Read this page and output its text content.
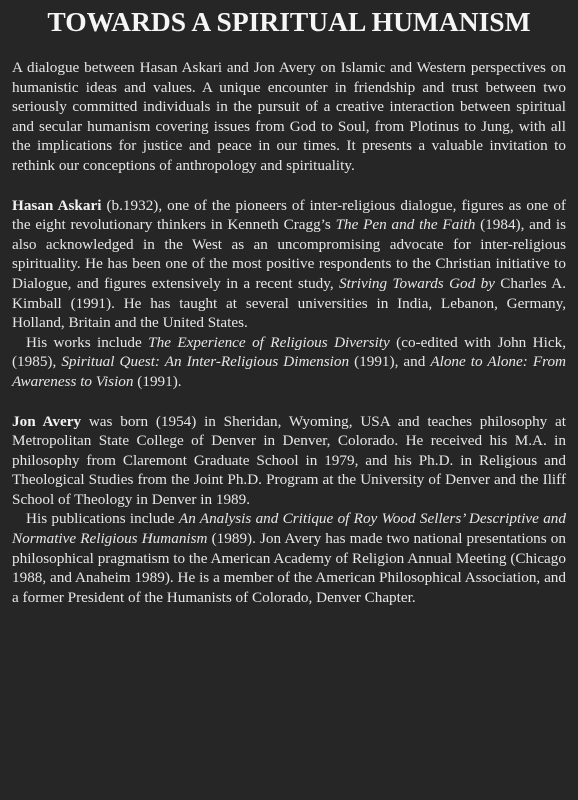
TOWARDS A SPIRITUAL HUMANISM

A dialogue between Hasan Askari and Jon Avery on Islamic and Western perspectives on humanistic ideas and values. A unique encounter in friendship and trust between two seriously committed individuals in the pursuit of a creative interaction between spiritual and secular humanism covering issues from God to Soul, from Plotinus to Jung, with all the implications for justice and peace in our times. It presents a valuable invitation to rethink our conceptions of anthropology and spirituality.

Hasan Askari (b.1932), one of the pioneers of inter-religious dialogue, figures as one of the eight revolutionary thinkers in Kenneth Cragg’s The Pen and the Faith (1984), and is also acknowledged in the West as an uncompromising advocate for inter-religious spirituality. He has been one of the most positive respondents to the Christian initiative to Dialogue, and figures extensively in a recent study, Striving Towards God by Charles A. Kimball (1991). He has taught at several universities in India, Lebanon, Germany, Holland, Britain and the United States.

His works include The Experience of Religious Diversity (co-edited with John Hick, (1985), Spiritual Quest: An Inter-Religious Dimension (1991), and Alone to Alone: From Awareness to Vision (1991).

Jon Avery was born (1954) in Sheridan, Wyoming, USA and teaches philosophy at Metropolitan State College of Denver in Denver, Colorado. He received his M.A. in philosophy from Claremont Graduate School in 1979, and his Ph.D. in Religious and Theological Studies from the Joint Ph.D. Program at the University of Denver and the Iliff School of Theology in Denver in 1989.

His publications include An Analysis and Critique of Roy Wood Sellers’ Descriptive and Normative Religious Humanism (1989). Jon Avery has made two national presentations on philosophical pragmatism to the American Academy of Religion Annual Meeting (Chicago 1988, and Anaheim 1989). He is a member of the American Philosophical Association, and a former President of the Humanists of Colorado, Denver Chapter.
